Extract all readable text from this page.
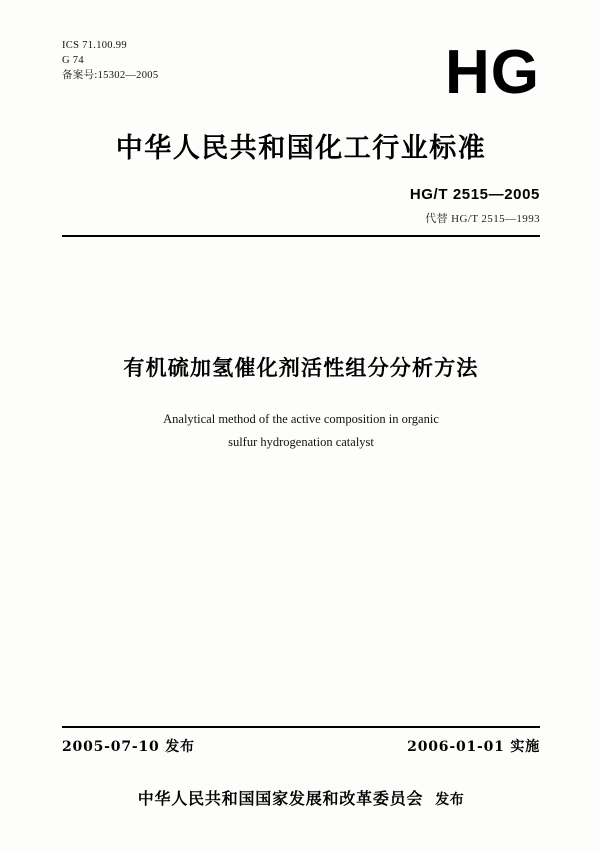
ICS 71.100.99
G 74
备案号:15302—2005	HG
中华人民共和国化工行业标准
HG/T 2515—2005
代替 HG/T 2515—1993
有机硫加氢催化剂活性组分分析方法
Analytical method of the active composition in organic
sulfur hydrogenation catalyst
2005-07-10 发布	2006-01-01 实施
中华人民共和国国家发展和改革委员会 发布
